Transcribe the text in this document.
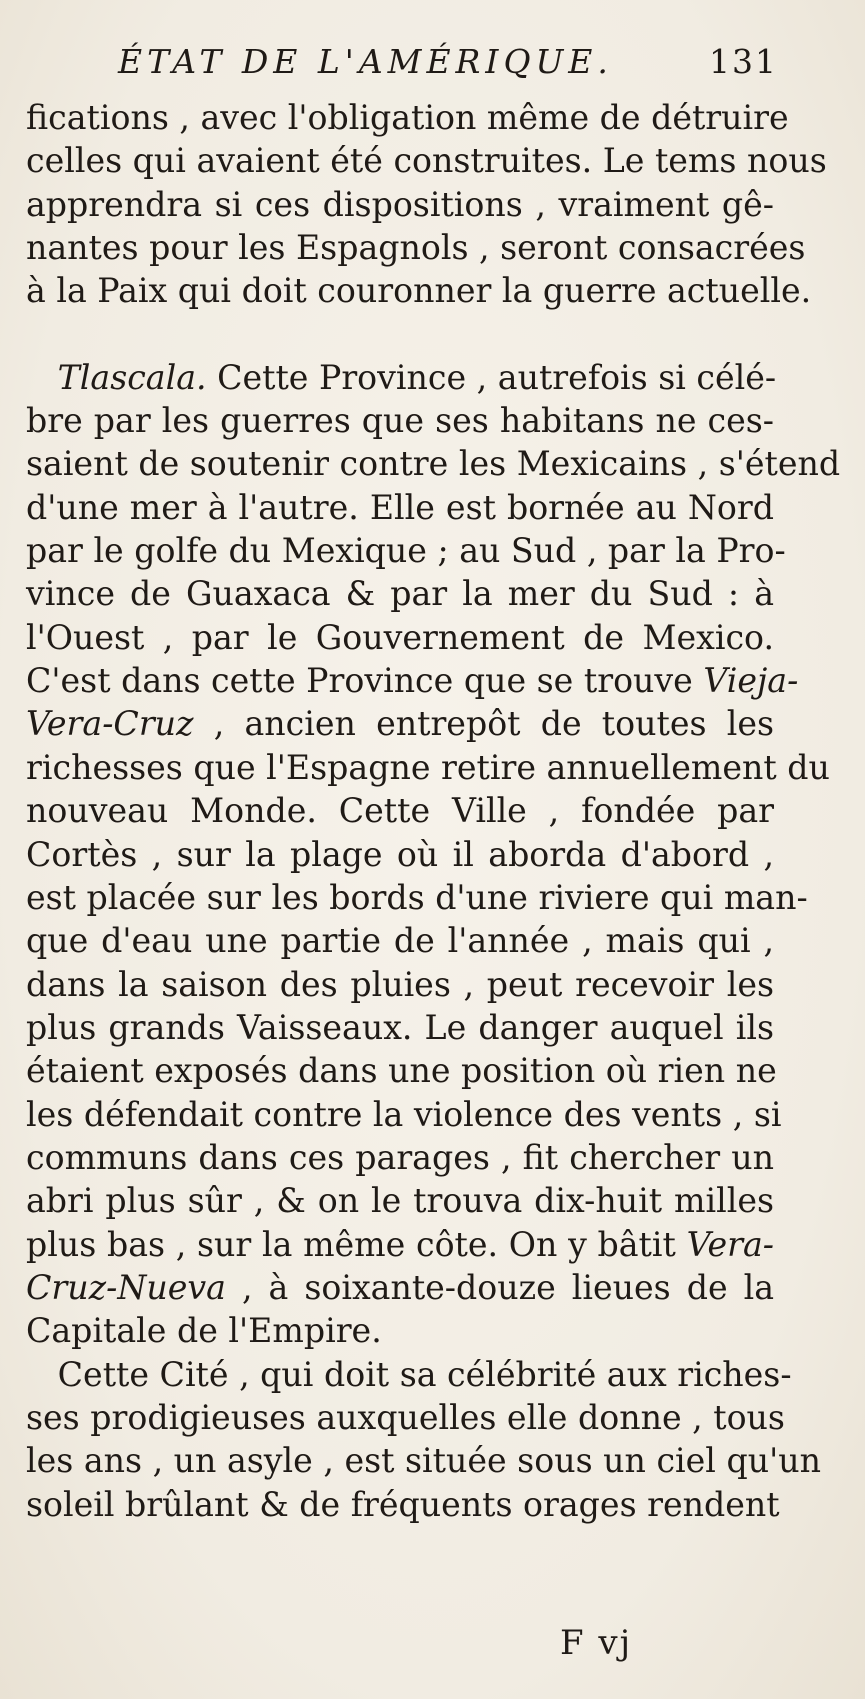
ÉTAT DE L'AMÉRIQUE.	131
fications , avec l'obligation même de détruire
celles qui avaient été construites. Le tems nous
apprendra si ces dispositions , vraiment gê-
nantes pour les Espagnols , seront consacrées
à la Paix qui doit couronner la guerre actuelle.
Tlascala. Cette Province , autrefois si célé-
bre par les guerres que ses habitans ne ces-
saient de soutenir contre les Mexicains , s'étend
d'une mer à l'autre. Elle est bornée au Nord
par le golfe du Mexique ; au Sud , par la Pro-
vince de Guaxaca & par la mer du Sud : à
l'Ouest , par le Gouvernement de Mexico.
C'est dans cette Province que se trouve Vieja-
Vera-Cruz , ancien entrepôt de toutes les
richesses que l'Espagne retire annuellement du
nouveau Monde. Cette Ville , fondée par
Cortès , sur la plage où il aborda d'abord ,
est placée sur les bords d'une riviere qui man-
que d'eau une partie de l'année , mais qui ,
dans la saison des pluies , peut recevoir les
plus grands Vaisseaux. Le danger auquel ils
étaient exposés dans une position où rien ne
les défendait contre la violence des vents , si
communs dans ces parages , fit chercher un
abri plus sûr , & on le trouva dix-huit milles
plus bas , sur la même côte. On y bâtit Vera-
Cruz-Nueva , à soixante-douze lieues de la
Capitale de l'Empire.
Cette Cité , qui doit sa célébrité aux riches-
ses prodigieuses auxquelles elle donne , tous
les ans , un asyle , est située sous un ciel qu'un
soleil brûlant & de fréquents orages rendent
F vj
